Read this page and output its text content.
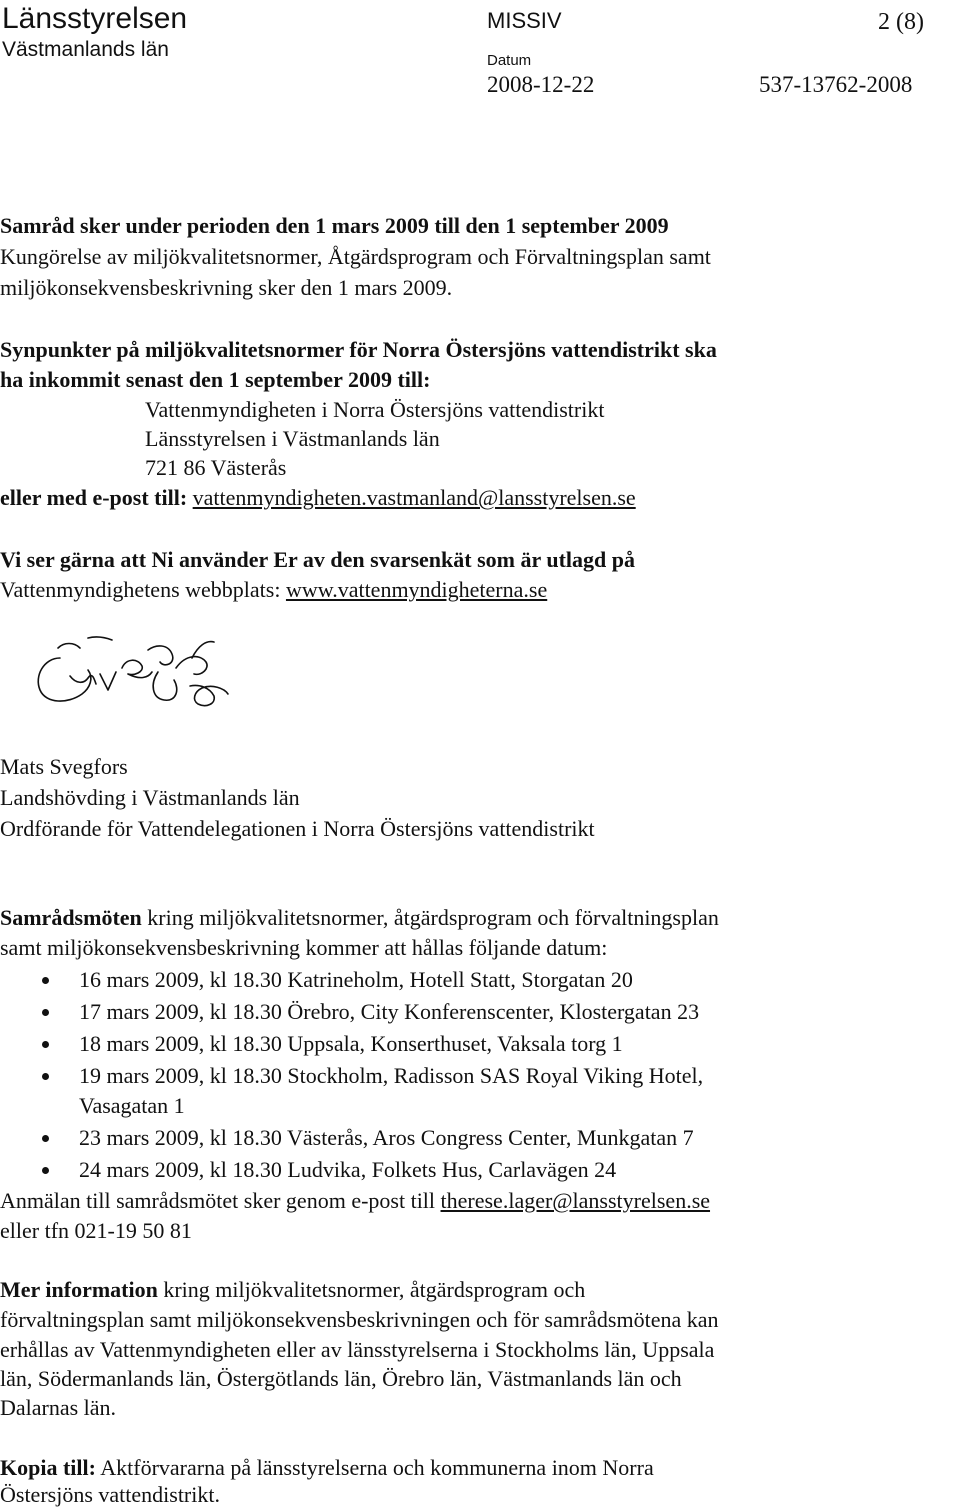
Länsstyrelsen
Västmanlands län
MISSIV	2 (8)
Datum
2008-12-22	537-13762-2008
Samråd sker under perioden den 1 mars 2009 till den 1 september 2009
Kungörelse av miljökvalitetsnormer, Åtgärdsprogram och Förvaltningsplan samt
miljökonsekvensbeskrivning sker den 1 mars 2009.
Synpunkter på miljökvalitetsnormer för Norra Östersjöns vattendistrikt ska
ha inkommit senast den 1 september 2009 till:
Vattenmyndigheten i Norra Östersjöns vattendistrikt
Länsstyrelsen i Västmanlands län
721 86 Västerås
eller med e-post till: vattenmyndigheten.vastmanland@lansstyrelsen.se
Vi ser gärna att Ni använder Er av den svarsenkät som är utlagd på
Vattenmyndighetens webbplats: www.vattenmyndigheterna.se
Mats Svegfors
Landshövding i Västmanlands län
Ordförande för Vattendelegationen i Norra Östersjöns vattendistrikt
Samrådsmöten kring miljökvalitetsnormer, åtgärdsprogram och förvaltningsplan
samt miljökonsekvensbeskrivning kommer att hållas följande datum:
16 mars 2009, kl 18.30 Katrineholm, Hotell Statt, Storgatan 20
17 mars 2009, kl 18.30 Örebro, City Konferenscenter, Klostergatan 23
18 mars 2009, kl 18.30 Uppsala, Konserthuset, Vaksala torg 1
19 mars 2009, kl 18.30 Stockholm, Radisson SAS Royal Viking Hotel,
Vasagatan 1
23 mars 2009, kl 18.30 Västerås, Aros Congress Center, Munkgatan 7
24 mars 2009, kl 18.30 Ludvika, Folkets Hus, Carlavägen 24
Anmälan till samrådsmötet sker genom e-post till therese.lager@lansstyrelsen.se
eller tfn 021-19 50 81
Mer information kring miljökvalitetsnormer, åtgärdsprogram och
förvaltningsplan samt miljökonsekvensbeskrivningen och för samrådsmötena kan
erhållas av Vattenmyndigheten eller av länsstyrelserna i Stockholms län, Uppsala
län, Södermanlands län, Östergötlands län, Örebro län, Västmanlands län och
Dalarnas län.
Kopia till: Aktförvararna på länsstyrelserna och kommunerna inom Norra
Östersjöns vattendistrikt.
